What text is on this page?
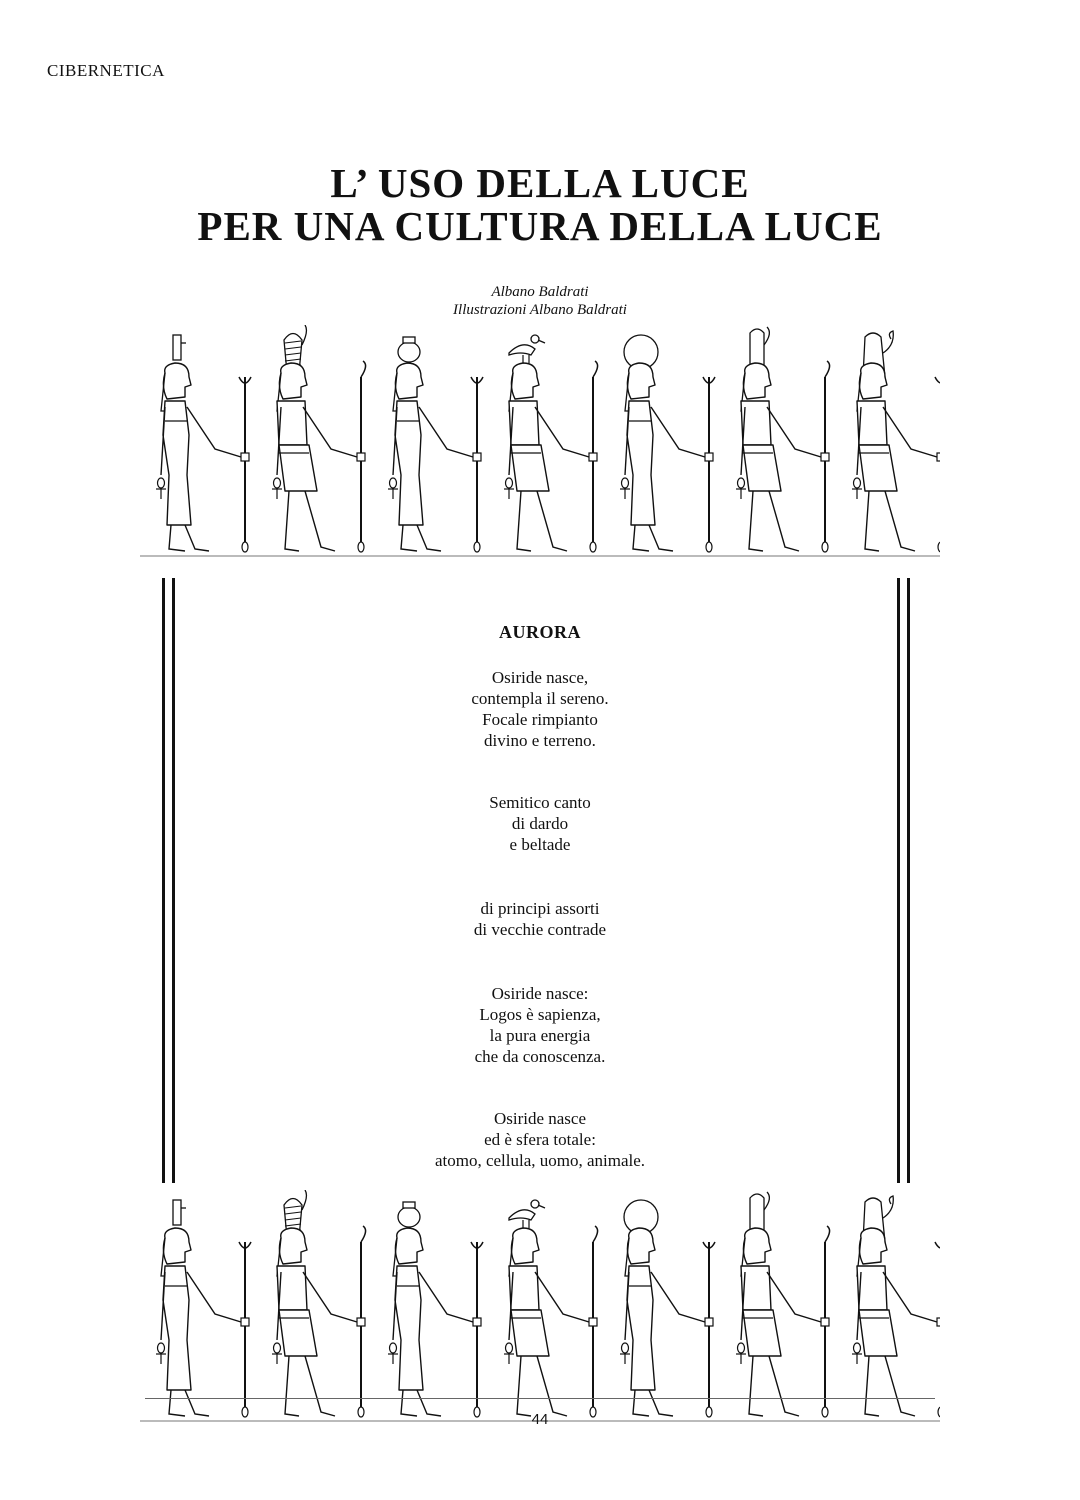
CIBERNETICA
L’ USO DELLA LUCE
PER UNA CULTURA DELLA LUCE
Albano Baldrati
Illustrazioni Albano Baldrati
AURORA
Osiride nasce,
contempla il sereno.
Focale rimpianto
divino e terreno.
Semitico canto
di dardo
e beltade
di principi assorti
di vecchie contrade
Osiride nasce:
Logos è sapienza,
la pura energia
che da conoscenza.
Osiride nasce
ed è sfera totale:
atomo, cellula, uomo, animale.
44
